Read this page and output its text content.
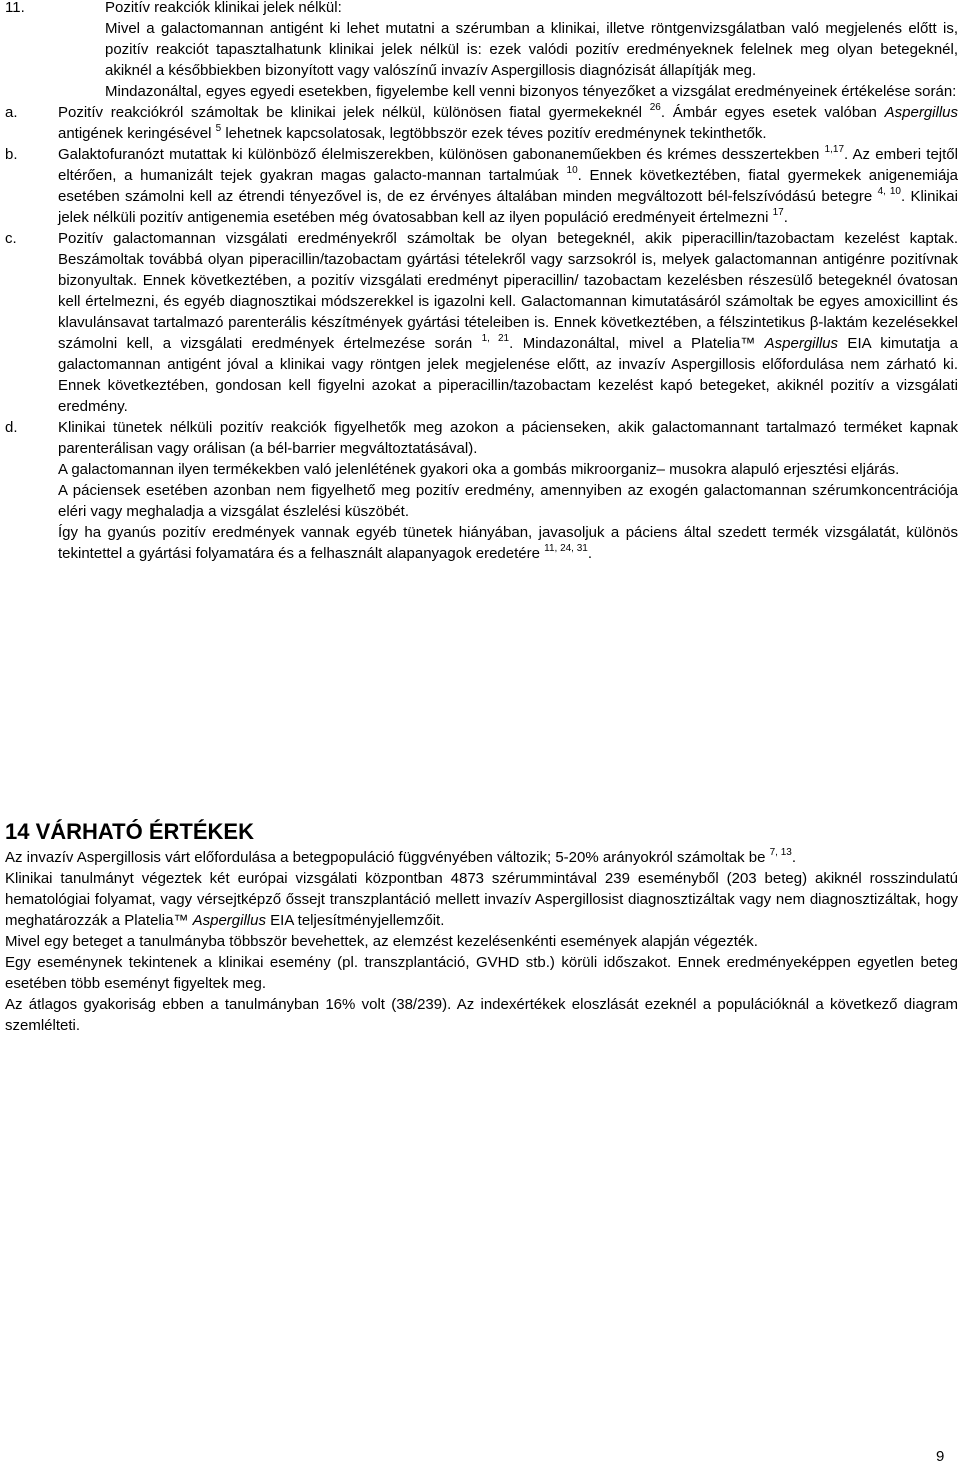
11.	Pozitív reakciók klinikai jelek nélkül:

Mivel a galactomannan antigént ki lehet mutatni a szérumban a klinikai, illetve röntgenvizsgálatban való megjelenés előtt is, pozitív reakciót tapasztalhatunk klinikai jelek nélkül is: ezek valódi pozitív eredményeknek felelnek meg olyan betegeknél, akiknél a későbbiekben bizonyított vagy valószínű invazív Aspergillosis diagnózisát állapítják meg.

Mindazonáltal, egyes egyedi esetekben, figyelembe kell venni bizonyos tényezőket a vizsgálat eredményeinek értékelése során:

a.	Pozitív reakciókról számoltak be klinikai jelek nélkül, különösen fiatal gyermekeknél $^{26}$. Ámbár egyes esetek valóban Aspergillus antigének keringésével $^5$ lehetnek kapcsolatosak, legtöbbször ezek téves pozitív eredménynek tekinthetők.
b.	Galaktofuranózt mutattak ki különböző élelmiszerekben, különösen gabonaneműekben és krémes desszertekben $^{1,17}$. Az emberi tejtől eltérően, a humanizált tejek gyakran magas galacto-mannan tartalmúak $^{10}$. Ennek következtében, fiatal gyermekek anigenemiája esetében számolni kell az étrendi tényezővel is, de ez érvényes általában minden megváltozott bél-felszívódású betegre $^{4, 10}$. Klinikai jelek nélküli pozitív antigenemia esetében még óvatosabban kell az ilyen populáció eredményeit értelmezni $^{17}$.
c.	Pozitív galactomannan vizsgálati eredményekről számoltak be olyan betegeknél, akik piperacillin/tazobactam kezelést kaptak. Beszámoltak továbbá olyan piperacillin/tazobactam gyártási tételekről vagy sarzsokról is, melyek galactomannan antigénre pozitívnak bizonyultak. Ennek következtében, a pozitív vizsgálati eredményt piperacillin/ tazobactam kezelésben részesülő betegeknél óvatosan kell értelmezni, és egyéb diagnosztikai módszerekkel is igazolni kell. Galactomannan kimutatásáról számoltak be egyes amoxicillint és klavulánsavat tartalmazó parenterális készítmények gyártási tételeiben is. Ennek következtében, a félszintetikus β-laktám kezelésekkel számolni kell, a vizsgálati eredmények értelmezése során $^{1, 21}$. Mindazonáltal, mivel a Platelia™ Aspergillus EIA kimutatja a galactomannan antigént jóval a klinikai vagy röntgen jelek megjelenése előtt, az invazív Aspergillosis előfordulása nem zárható ki. Ennek következtében, gondosan kell figyelni azokat a piperacillin/tazobactam kezelést kapó betegeket, akiknél pozitív a vizsgálati eredmény.
d.	Klinikai tünetek nélküli pozitív reakciók figyelhetők meg azokon a pácienseken, akik galactomannant tartalmazó terméket kapnak parenterálisan vagy orálisan (a bél-barrier megváltoztatásával).
A galactomannan ilyen termékekben való jelenlétének gyakori oka a gombás mikroorganiz– musokra alapuló erjesztési eljárás.
A páciensek esetében azonban nem figyelhető meg pozitív eredmény, amennyiben az exogén galactomannan szérumkoncentrációja eléri vagy meghaladja a vizsgálat észlelési küszöbét.
Így ha gyanús pozitív eredmények vannak egyéb tünetek hiányában, javasoljuk a páciens által szedett termék vizsgálatát, különös tekintettel a gyártási folyamatára és a felhasznált alapanyagok eredetére $^{11, 24, 31}$.
14 VÁRHATÓ ÉRTÉKEK

Az invazív Aspergillosis várt előfordulása a betegpopuláció függvényében változik; 5-20% arányokról számoltak be $^{7, 13}$.

Klinikai tanulmányt végeztek két európai vizsgálati központban 4873 szérummintával 239 eseményből (203 beteg) akiknél rosszindulatú hematológiai folyamat, vagy vérsejtképző őssejt transzplantáció mellett invazív Aspergillosist diagnosztizáltak vagy nem diagnosztizáltak, hogy meghatározzák a Platelia™ Aspergillus EIA teljesítményjellemzőit.

Mivel egy beteget a tanulmányba többször bevehettek, az elemzést kezelésenkénti események alapján végezték.

Egy eseménynek tekintenek a klinikai esemény (pl. transzplantáció, GVHD stb.) körüli időszakot. Ennek eredményeképpen egyetlen beteg esetében több eseményt figyeltek meg.

Az átlagos gyakoriság ebben a tanulmányban 16% volt (38/239). Az indexértékek eloszlását ezeknél a populációknál a következő diagram szemlélteti.

9
